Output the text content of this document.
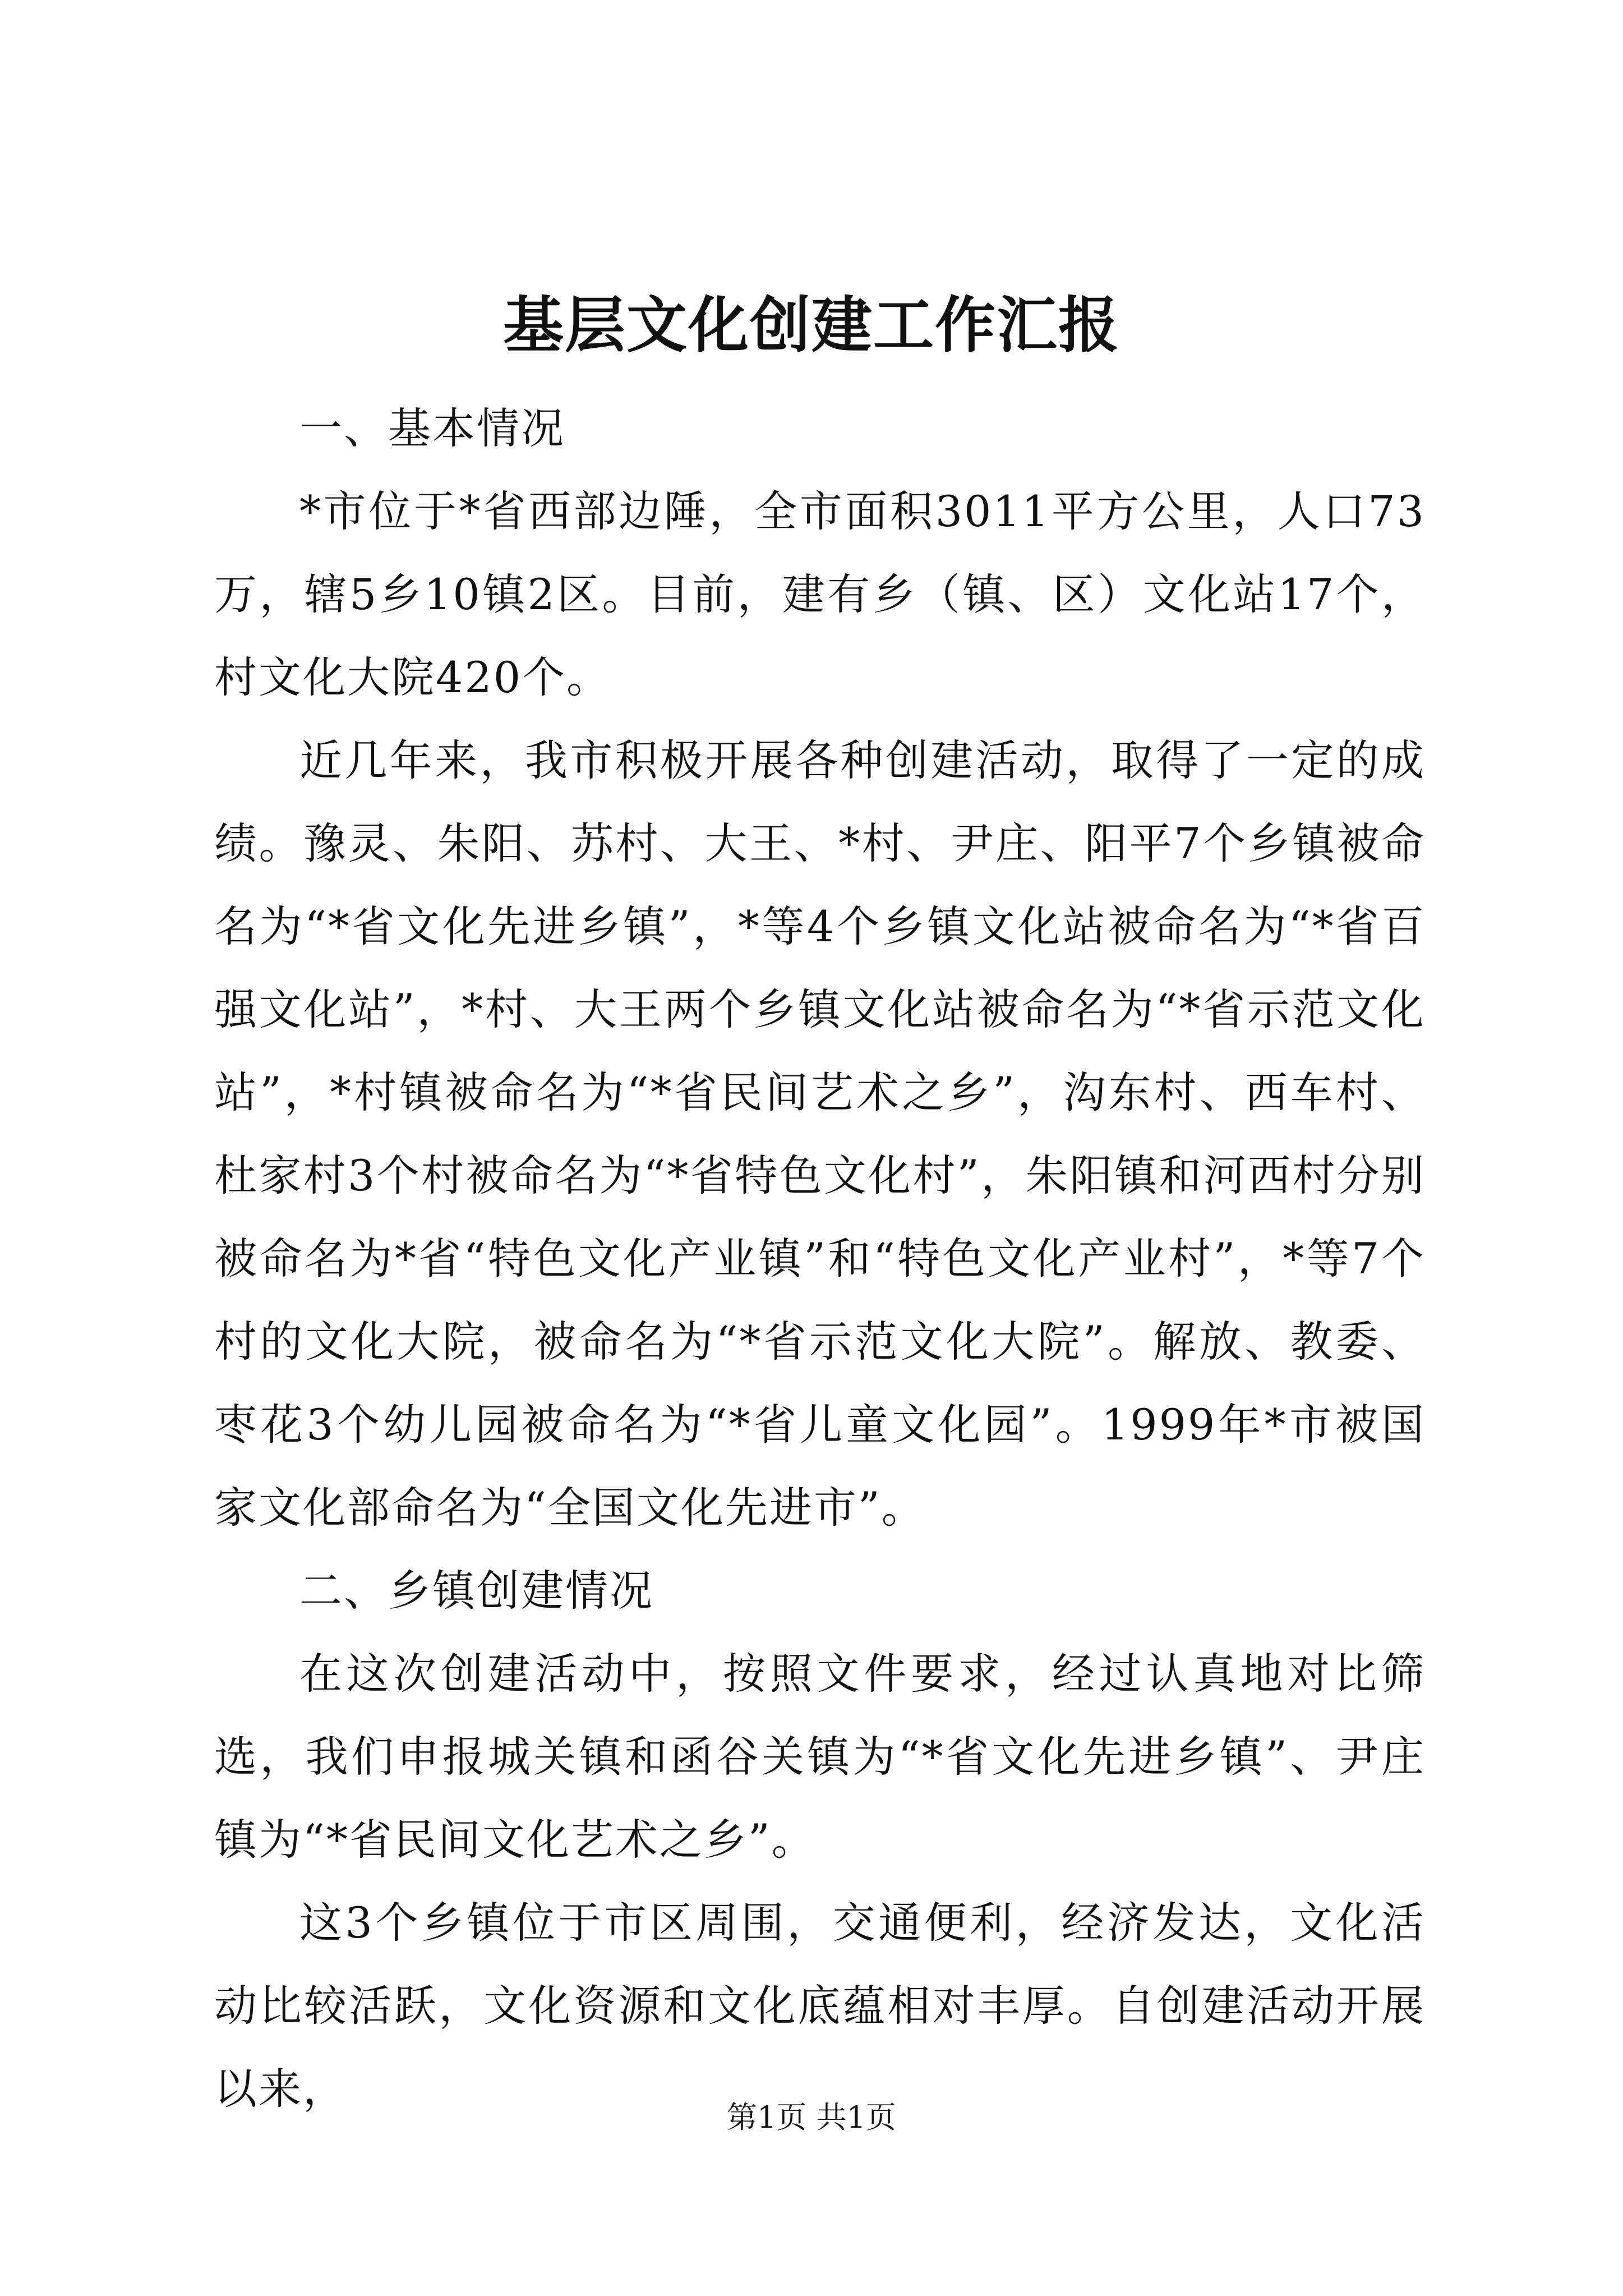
基层文化创建工作汇报

一、基本情况

*市位于*省西部边陲，全市面积3011平方公里，人口73万，辖5乡10镇2区。目前，建有乡（镇、区）文化站17个，村文化大院420个。

近几年来，我市积极开展各种创建活动，取得了一定的成绩。豫灵、朱阳、苏村、大王、*村、尹庄、阳平7个乡镇被命名为“*省文化先进乡镇”，*等4个乡镇文化站被命名为“*省百强文化站”，*村、大王两个乡镇文化站被命名为“*省示范文化站”，*村镇被命名为“*省民间艺术之乡”，沟东村、西车村、杜家村3个村被命名为“*省特色文化村”，朱阳镇和河西村分别被命名为*省“特色文化产业镇”和“特色文化产业村”，*等7个村的文化大院，被命名为“*省示范文化大院”。解放、教委、枣花3个幼儿园被命名为“*省儿童文化园”。1999年*市被国家文化部命名为“全国文化先进市”。

二、乡镇创建情况

在这次创建活动中，按照文件要求，经过认真地对比筛选，我们申报城关镇和函谷关镇为“*省文化先进乡镇”、尹庄镇为“*省民间文化艺术之乡”。

这3个乡镇位于市区周围，交通便利，经济发达，文化活动比较活跃，文化资源和文化底蕴相对丰厚。自创建活动开展以来，

第1页 共1页
